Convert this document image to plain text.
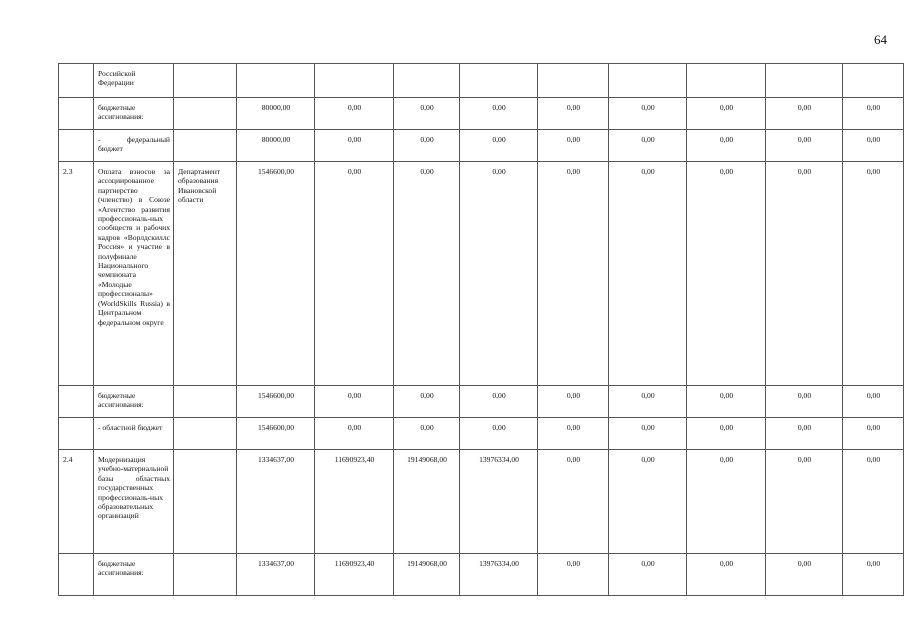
64
	Российской Федерации										
	бюджетные ассигнования:		80000,00	0,00	0,00	0,00	0,00	0,00	0,00	0,00	0,00
	- федеральный бюджет		80000,00	0,00	0,00	0,00	0,00	0,00	0,00	0,00	0,00
2.3	Оплата взносов за ассоциированное партнерство (членство) в Союзе «Агентство развития профессиональ-ных сообществ и рабочих кадров «Ворлдскиллс Россия» и участие в полуфинале Национального чемпионата «Молодые профессионалы» (WorldSkills Russia) в Центральном федеральном округе	Департамент образования Ивановской области	1546600,00	0,00	0,00	0,00	0,00	0,00	0,00	0,00	0,00
	бюджетные ассигнования:		1546600,00	0,00	0,00	0,00	0,00	0,00	0,00	0,00	0,00
	- областной бюджет		1546600,00	0,00	0,00	0,00	0,00	0,00	0,00	0,00	0,00
2.4	Модернизация учебно-материальной базы областных государственных профессиональ-ных образовательных организаций		1334637,00	11690923,40	19149068,00	13976334,00	0,00	0,00	0,00	0,00	0,00
	бюджетные ассигнования:		1334637,00	11690923,40	19149068,00	13976334,00	0,00	0,00	0,00	0,00	0,00
